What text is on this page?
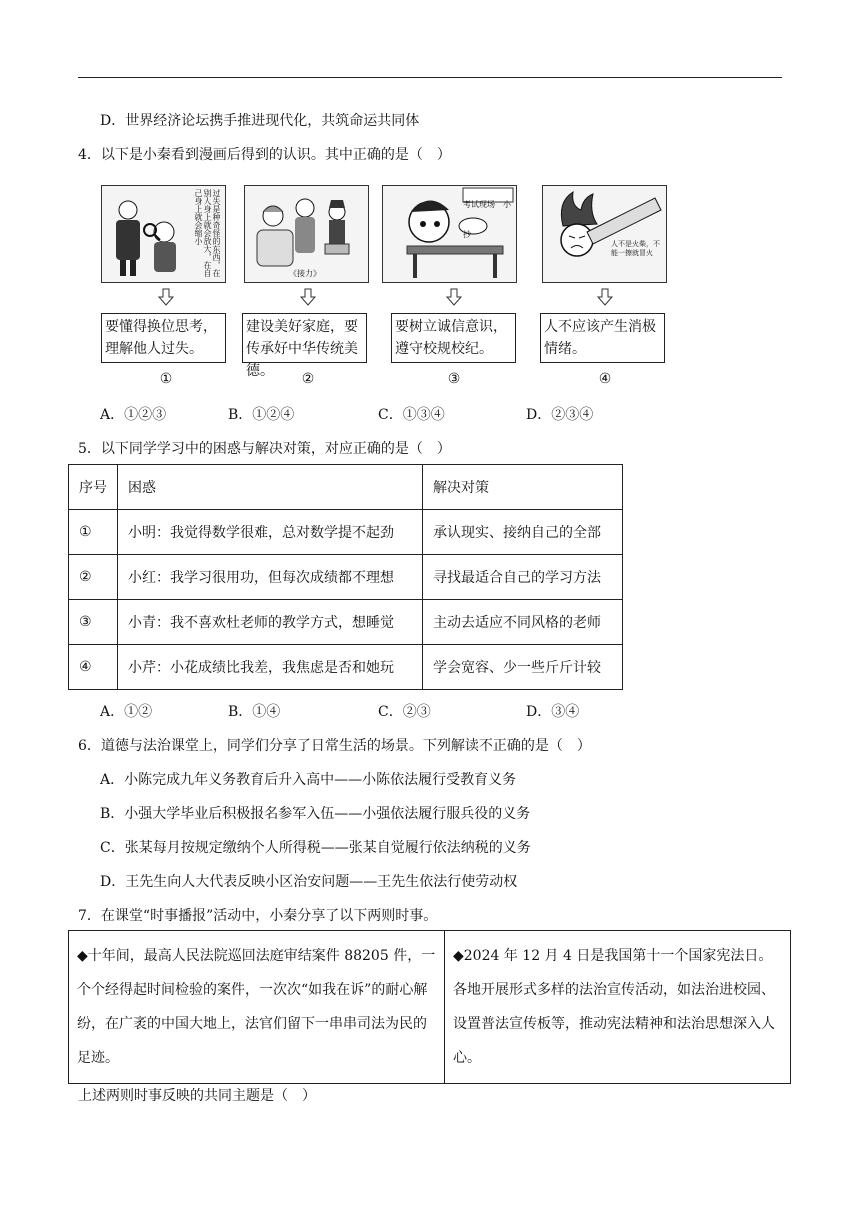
D．世界经济论坛携手推进现代化，共筑命运共同体
4．以下是小秦看到漫画后得到的认识。其中正确的是（　）
过失是种奇怪的东西，在别人身上就会放大，在自己身上就会缩小
《接力》
考试现场　小抄
人不是火柴，不能一擦就冒火
要懂得换位思考，理解他人过失。
建设美好家庭，要传承好中华传统美德。
要树立诚信意识，遵守校规校纪。
人不应该产生消极情绪。
①	②	③	④
A．①②③	B．①②④	C．①③④	D．②③④
5．以下同学学习中的困惑与解决对策，对应正确的是（　）
序号	困惑	解决对策
①	小明：我觉得数学很难，总对数学提不起劲	承认现实、接纳自己的全部
②	小红：我学习很用功，但每次成绩都不理想	寻找最适合自己的学习方法
③	小青：我不喜欢杜老师的教学方式，想睡觉	主动去适应不同风格的老师
④	小芹：小花成绩比我差，我焦虑是否和她玩	学会宽容、少一些斤斤计较
A．①②	B．①④	C．②③	D．③④
6．道德与法治课堂上，同学们分享了日常生活的场景。下列解读不正确的是（　）
A．小陈完成九年义务教育后升入高中——小陈依法履行受教育义务
B．小强大学毕业后积极报名参军入伍——小强依法履行服兵役的义务
C．张某每月按规定缴纳个人所得税——张某自觉履行依法纳税的义务
D．王先生向人大代表反映小区治安问题——王先生依法行使劳动权
7．在课堂“时事播报”活动中，小秦分享了以下两则时事。
◆十年间，最高人民法院巡回法庭审结案件 88205 件，一个个经得起时间检验的案件，一次次“如我在诉”的耐心解纷，在广袤的中国大地上，法官们留下一串串司法为民的足迹。	◆2024 年 12 月 4 日是我国第十一个国家宪法日。各地开展形式多样的法治宣传活动，如法治进校园、设置普法宣传板等，推动宪法精神和法治思想深入人心。
上述两则时事反映的共同主题是（　）
